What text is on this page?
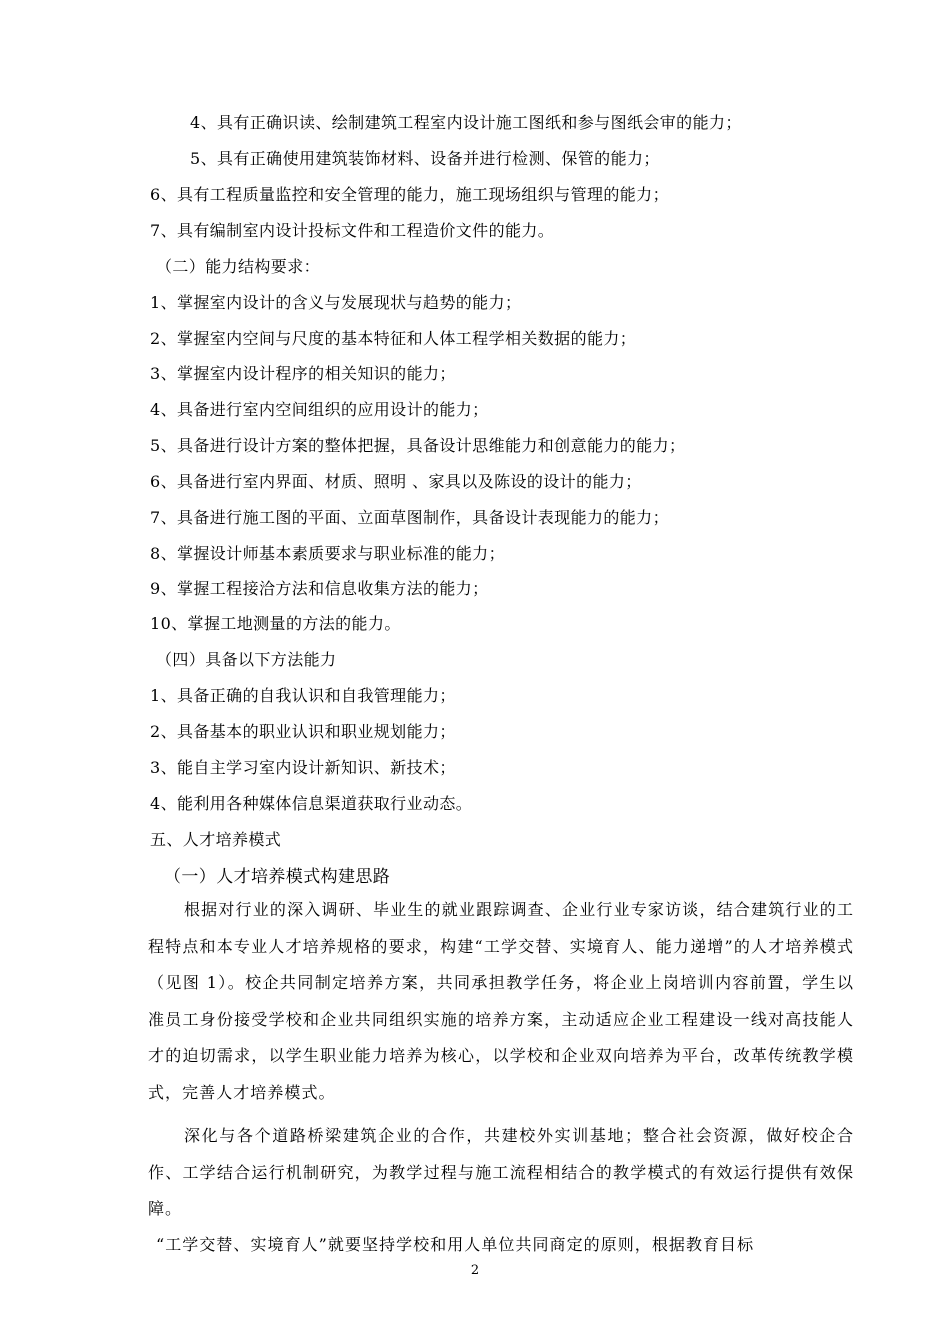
4、具有正确识读、绘制建筑工程室内设计施工图纸和参与图纸会审的能力；

5、具有正确使用建筑装饰材料、设备并进行检测、保管的能力；

6、具有工程质量监控和安全管理的能力，施工现场组织与管理的能力；

7、具有编制室内设计投标文件和工程造价文件的能力。

（二）能力结构要求：

1、掌握室内设计的含义与发展现状与趋势的能力；

2、掌握室内空间与尺度的基本特征和人体工程学相关数据的能力；

3、掌握室内设计程序的相关知识的能力；

4、具备进行室内空间组织的应用设计的能力；

5、具备进行设计方案的整体把握，具备设计思维能力和创意能力的能力；

6、具备进行室内界面、材质、照明 、家具以及陈设的设计的能力；

7、具备进行施工图的平面、立面草图制作，具备设计表现能力的能力；

8、掌握设计师基本素质要求与职业标准的能力；

9、掌握工程接洽方法和信息收集方法的能力；

10、掌握工地测量的方法的能力。

（四）具备以下方法能力

1、具备正确的自我认识和自我管理能力；

2、具备基本的职业认识和职业规划能力；

3、能自主学习室内设计新知识、新技术；

4、能利用各种媒体信息渠道获取行业动态。

五、人才培养模式

（一）人才培养模式构建思路

根据对行业的深入调研、毕业生的就业跟踪调查、企业行业专家访谈，结合建筑行业的工程特点和本专业人才培养规格的要求，构建“工学交替、实境育人、能力递增”的人才培养模式（见图 1）。校企共同制定培养方案，共同承担教学任务，将企业上岗培训内容前置，学生以准员工身份接受学校和企业共同组织实施的培养方案，主动适应企业工程建设一线对高技能人才的迫切需求，以学生职业能力培养为核心，以学校和企业双向培养为平台，改革传统教学模式，完善人才培养模式。

深化与各个道路桥梁建筑企业的合作，共建校外实训基地；整合社会资源，做好校企合作、工学结合运行机制研究，为教学过程与施工流程相结合的教学模式的有效运行提供有效保障。

“工学交替、实境育人”就要坚持学校和用人单位共同商定的原则，根据教育目标

2
